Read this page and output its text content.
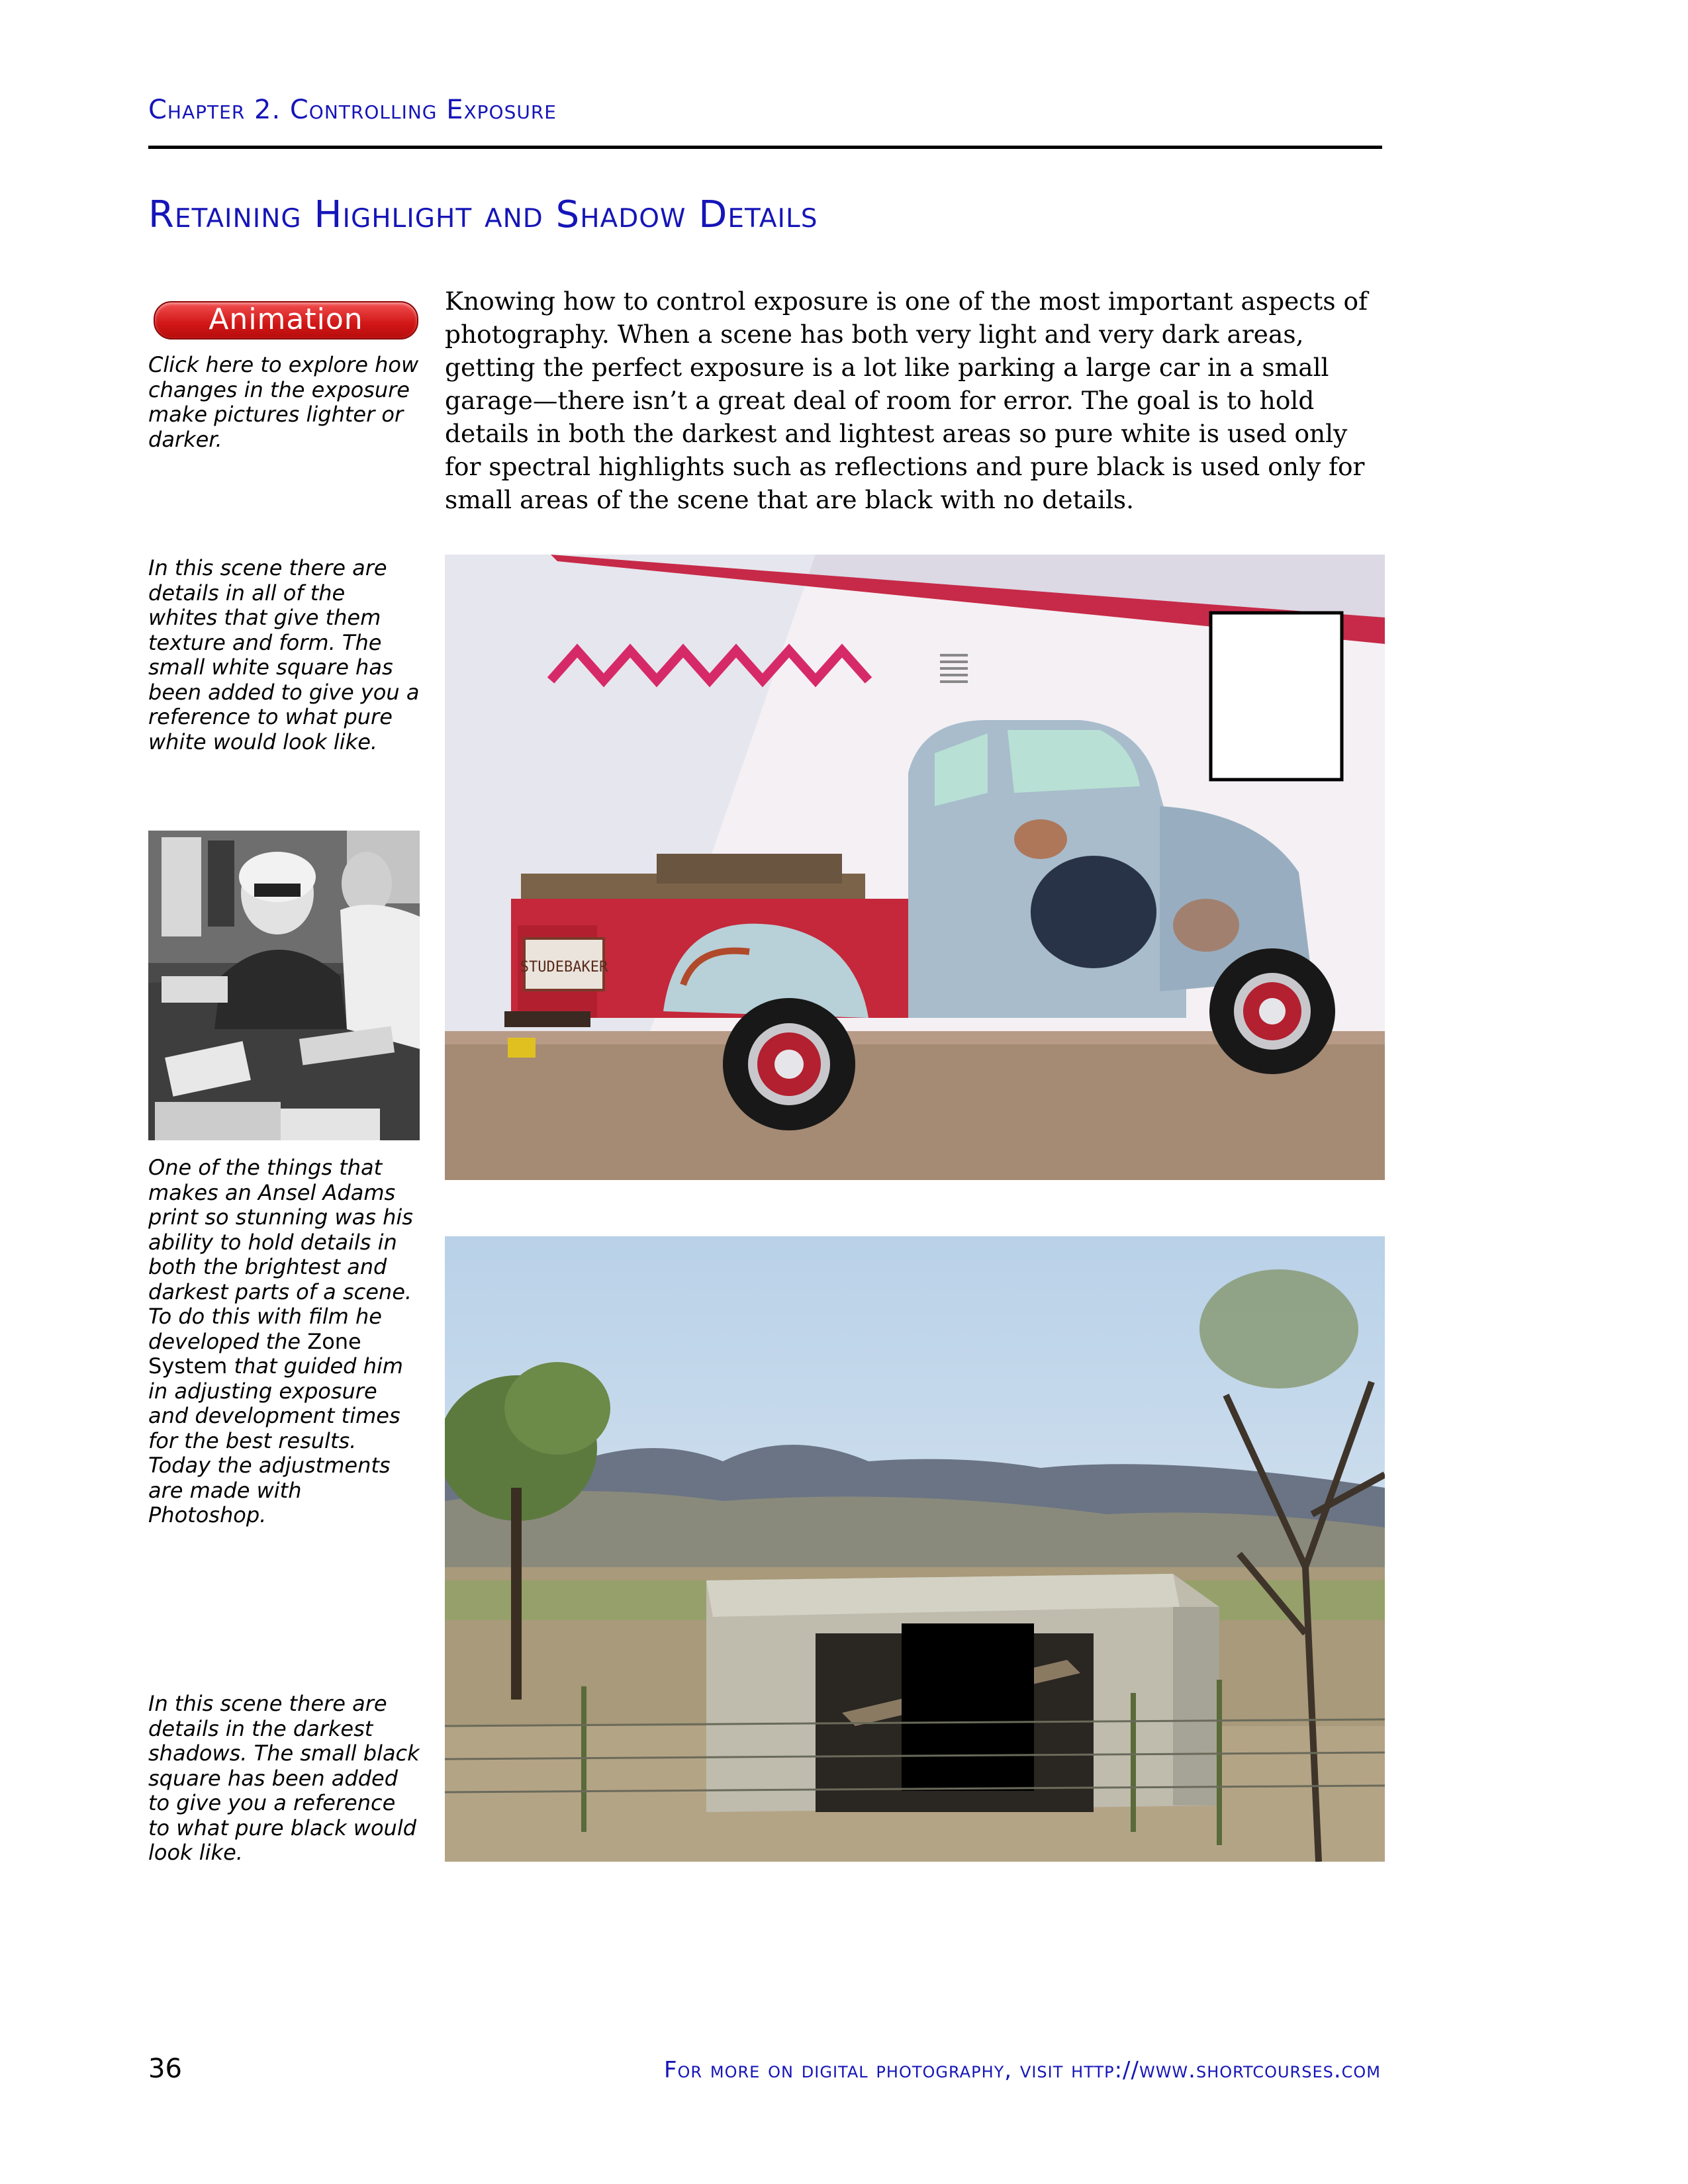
Chapter 2. Controlling Exposure
Retaining Highlight and Shadow Details
Animation
Click here to explore how changes in the exposure make pictures lighter or darker.
Knowing how to control exposure is one of the most important aspects of photography. When a scene has both very light and very dark areas, getting the perfect exposure is a lot like parking a large car in a small garage—there isn’t a great deal of room for error. The goal is to hold details in both the darkest and lightest areas so pure white is used only for spectral highlights such as reflections and pure black is used only for small areas of the scene that are black with no details.
In this scene there are details in all of the whites that give them texture and form. The small white square has been added to give you a reference to what pure white would look like.
One of the things that makes an Ansel Adams print so stunning was his ability to hold details in both the brightest and darkest parts of a scene. To do this with film he developed the Zone System that guided him in adjusting exposure and development times for the best results. Today the adjustments are made with Photoshop.
In this scene there are details in the darkest shadows. The small black square has been added to give you a reference to what pure black would look like.
STUDEBAKER
36	For more on digital photography, visit http://www.shortcourses.com
